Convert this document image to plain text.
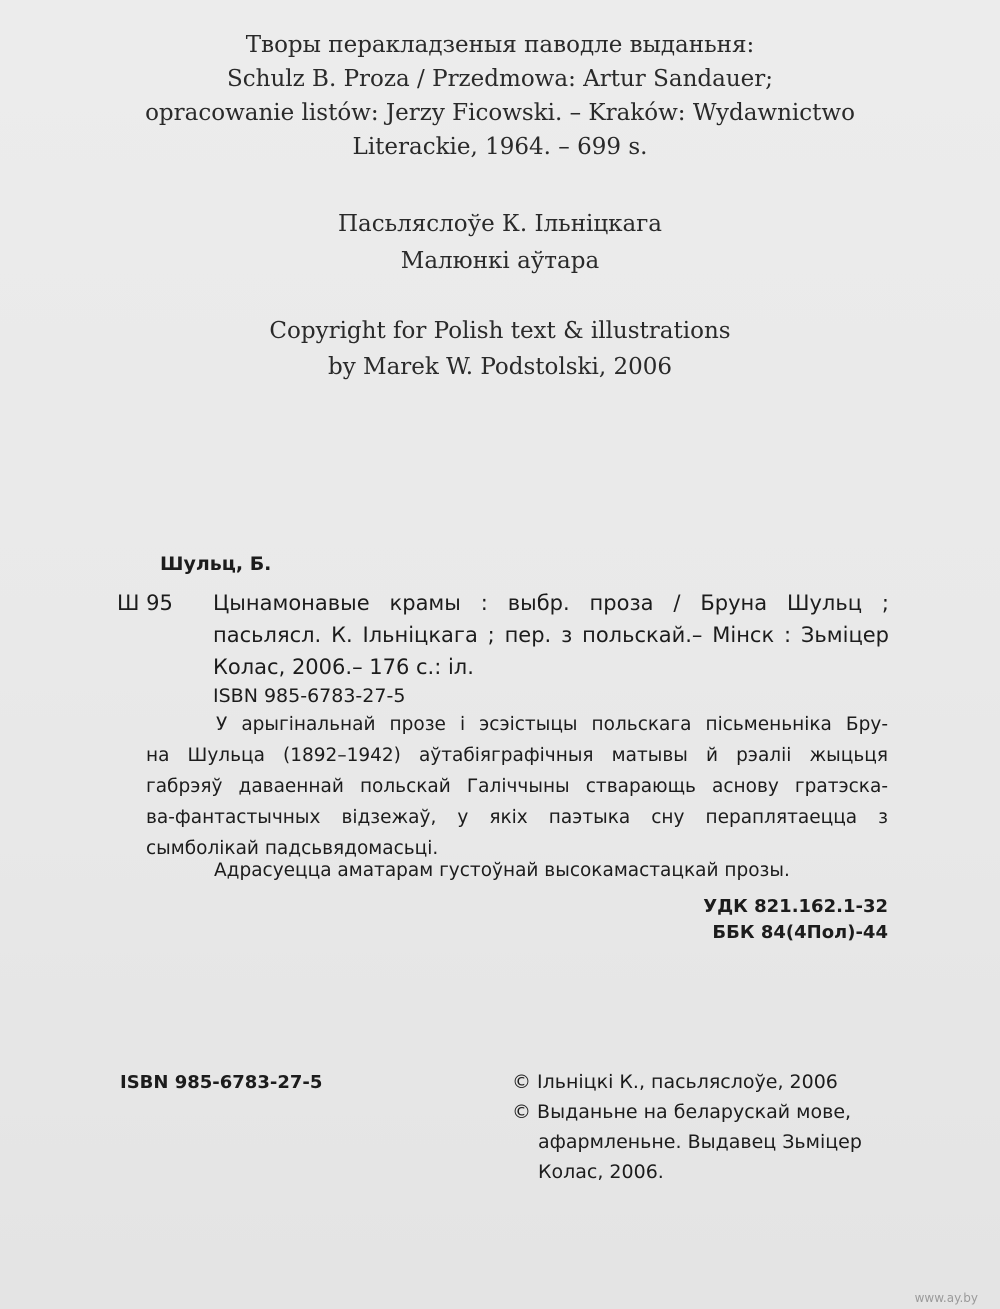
Творы перакладзеныя паводле выданьня:
Schulz B. Proza / Przedmowa: Artur Sandauer;
opracowanie listów: Jerzy Ficowski. – Kraków: Wydawnictwo
Literackie, 1964. – 699 s.
Пасьляслоўе К. Ільніцкага
Малюнкі аўтара
Copyright for Polish text & illustrations
by Marek W. Podstolski, 2006
Шульц, Б.
Ш 95 Цынамонавые крамы : выбр. проза / Бруна Шульц ;
пасьлясл. К. Ільніцкага ; пер. з польскай.– Мінск : Зьміцер
Колас, 2006.– 176 с.: іл.
ISBN 985-6783-27-5
У арыгінальнай прозе і эсэістыцы польскага пісьменьніка Бру-
на Шульца (1892–1942) аўтабіяграфічныя матывы й рэаліі жыцьця
габрэяў даваеннай польскай Галіччыны стварающь аснову гратэска-
ва-фантастычных відзежаў, у якіх паэтыка сну пераплятаецца з
сымболікай падсьвядомасьці.
Адрасуецца аматарам густоўнай высокамастацкай прозы.
УДК 821.162.1-32
ББК 84(4Пол)-44
ISBN 985-6783-27-5	© Ільніцкі К., пасьляслоўе, 2006
© Выданьне на беларускай мове,
афармленьне. Выдавец Зьміцер
Колас, 2006.
www.ay.by
